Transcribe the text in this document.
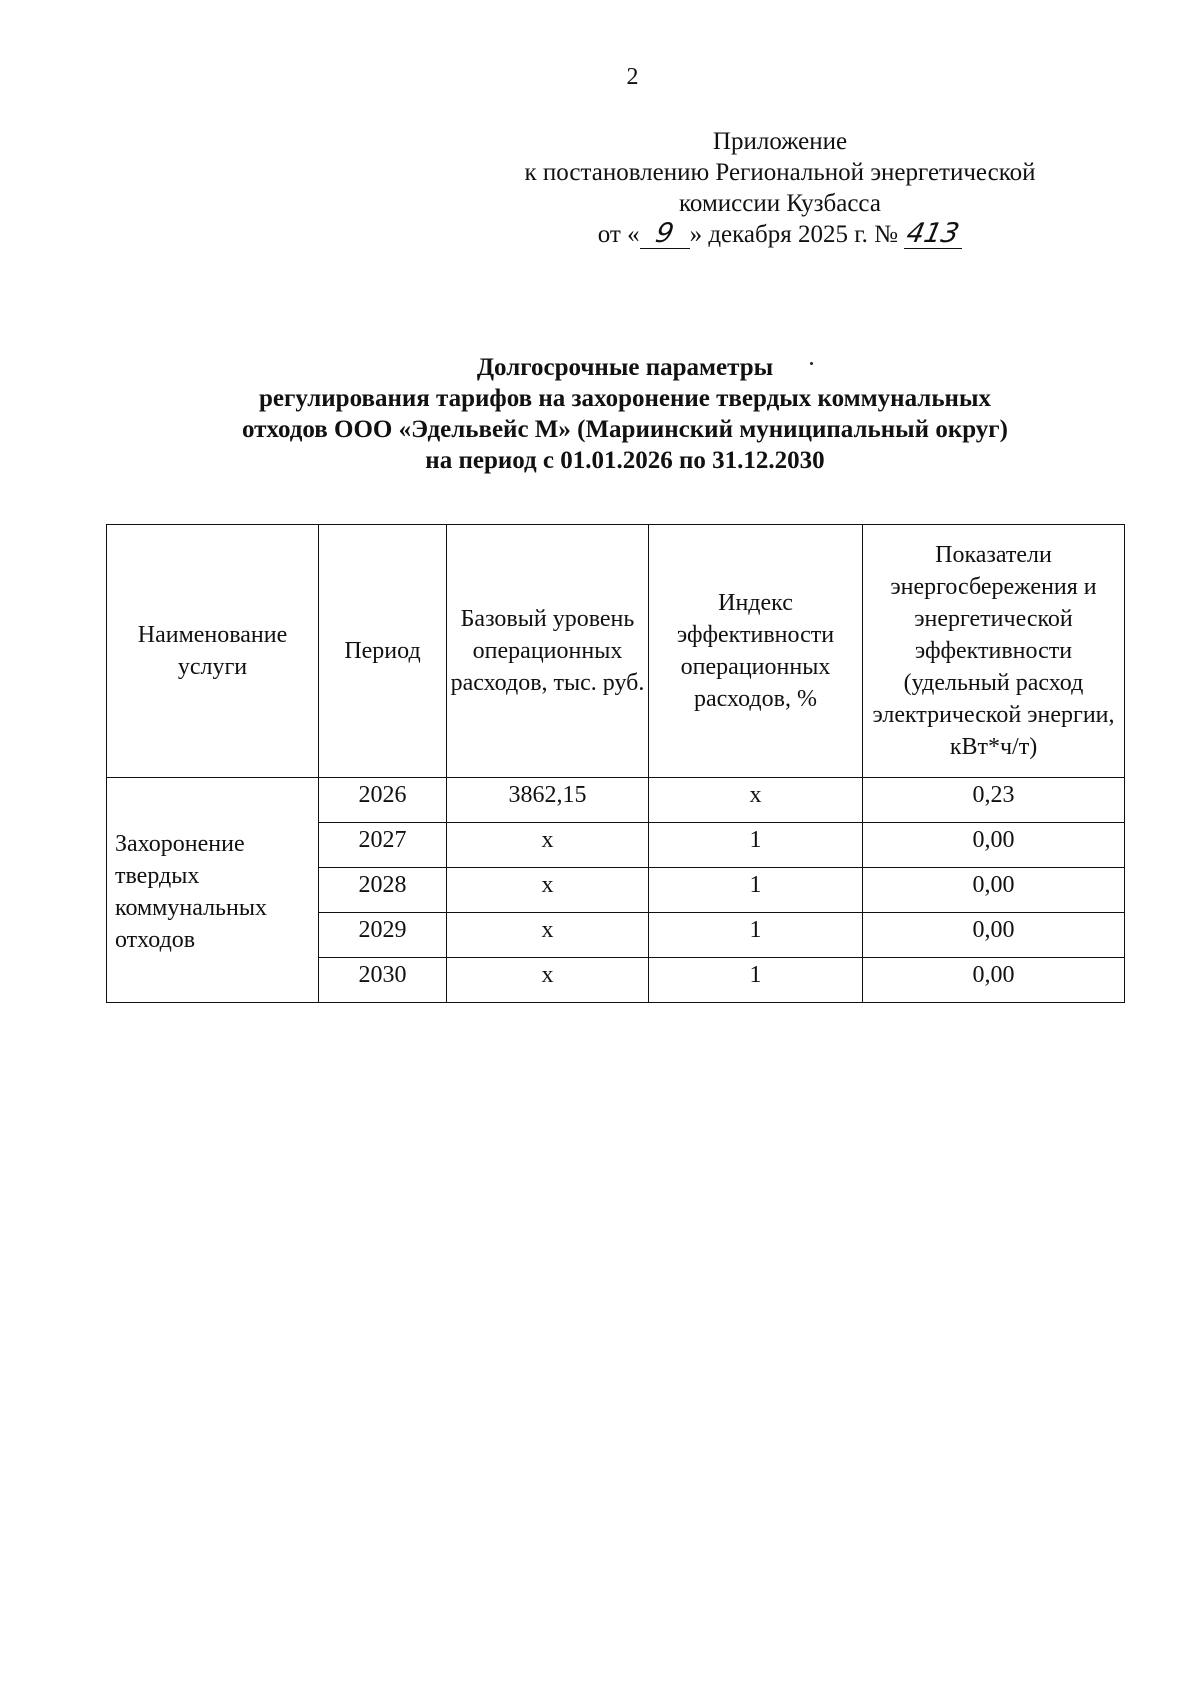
2
Приложение
к постановлению Региональной энергетической
комиссии Кузбасса
от « 9 » декабря 2025 г. № 413
Долгосрочные параметры
регулирования тарифов на захоронение твердых коммунальных
отходов ООО «Эдельвейс М» (Мариинский муниципальный округ)
на период с 01.01.2026 по 31.12.2030
Наименование услуги	Период	Базовый уровень операционных расходов, тыс. руб.	Индекс эффективности операционных расходов, %	Показатели энергосбережения и энергетической эффективности (удельный расход электрической энергии, кВт*ч/т)
Захоронение твердых коммунальных отходов	2026	3862,15	х	0,23
	2027	х	1	0,00
	2028	х	1	0,00
	2029	х	1	0,00
	2030	х	1	0,00
